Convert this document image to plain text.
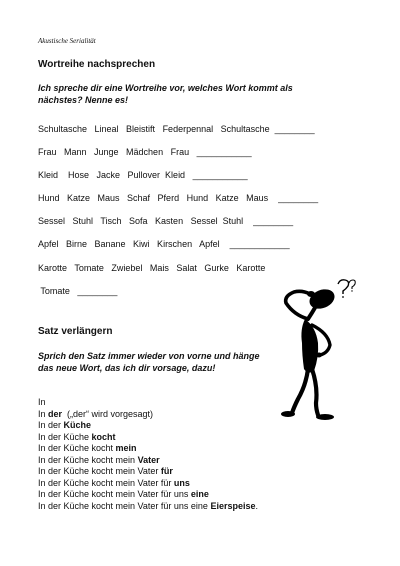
Akustische Serialität
Wortreihe nachsprechen
Ich spreche dir eine Wortreihe vor, welches Wort kommt als nächstes? Nenne es!
Schultasche   Lineal   Bleistift   Federpennal   Schultasche  ________
Frau   Mann   Junge   Mädchen   Frau   ___________
Kleid    Hose   Jacke   Pullover  Kleid   ___________
Hund   Katze   Maus   Schaf   Pferd   Hund   Katze   Maus    ________
Sessel   Stuhl   Tisch   Sofa   Kasten   Sessel  Stuhl    ________
Apfel   Birne   Banane   Kiwi   Kirschen   Apfel    ____________
Karotte   Tomate   Zwiebel   Mais   Salat   Gurke   Karotte
Tomate   ________
Satz verlängern
Sprich den Satz immer wieder von vorne und hänge das neue Wort, das ich dir vorsage, dazu!
In
In der  („der“ wird vorgesagt)
In der Küche
In der Küche kocht
In der Küche kocht mein
In der Küche kocht mein Vater
In der Küche kocht mein Vater für
In der Küche kocht mein Vater für uns
In der Küche kocht mein Vater für uns eine
In der Küche kocht mein Vater für uns eine Eierspeise.
